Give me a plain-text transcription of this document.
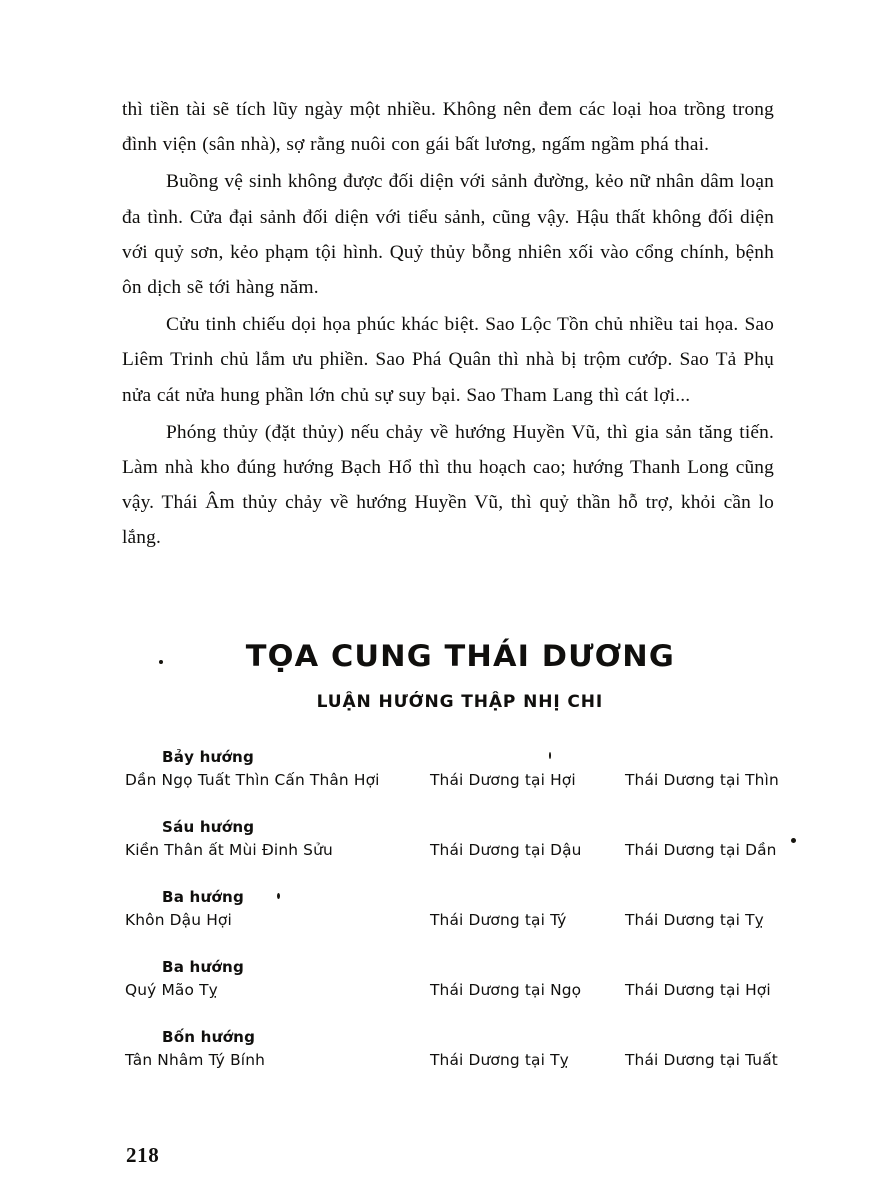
thì tiền tài sẽ tích lũy ngày một nhiều. Không nên đem các loại hoa trồng trong đình viện (sân nhà), sợ rằng nuôi con gái bất lương, ngấm ngầm phá thai.

Buồng vệ sinh không được đối diện với sảnh đường, kẻo nữ nhân dâm loạn đa tình. Cửa đại sảnh đối diện với tiểu sảnh, cũng vậy. Hậu thất không đối diện với quỷ sơn, kẻo phạm tội hình. Quỷ thủy bỗng nhiên xối vào cổng chính, bệnh ôn dịch sẽ tới hàng năm.

Cửu tinh chiếu dọi họa phúc khác biệt. Sao Lộc Tồn chủ nhiều tai họa. Sao Liêm Trinh chủ lắm ưu phiền. Sao Phá Quân thì nhà bị trộm cướp. Sao Tả Phụ nửa cát nửa hung phần lớn chủ sự suy bại. Sao Tham Lang thì cát lợi...

Phóng thủy (đặt thủy) nếu chảy về hướng Huyền Vũ, thì gia sản tăng tiến. Làm nhà kho đúng hướng Bạch Hổ thì thu hoạch cao; hướng Thanh Long cũng vậy. Thái Âm thủy chảy về hướng Huyền Vũ, thì quỷ thần hỗ trợ, khỏi cần lo lắng.

TỌA CUNG THÁI DƯƠNG
LUẬN HƯỚNG THẬP NHỊ CHI
Bảy hướng
Dần Ngọ Tuất Thìn Cấn Thân Hợi	Thái Dương tại Hợi	Thái Dương tại Thìn
Sáu hướng
Kiền Thân ất Mùi Đinh Sửu	Thái Dương tại Dậu	Thái Dương tại Dần
Ba hướng
Khôn Dậu Hợi	Thái Dương tại Tý	Thái Dương tại Tỵ
Ba hướng
Quý Mão Tỵ	Thái Dương tại Ngọ	Thái Dương tại Hợi
Bốn hướng
Tân Nhâm Tý Bính	Thái Dương tại Tỵ	Thái Dương tại Tuất
218
